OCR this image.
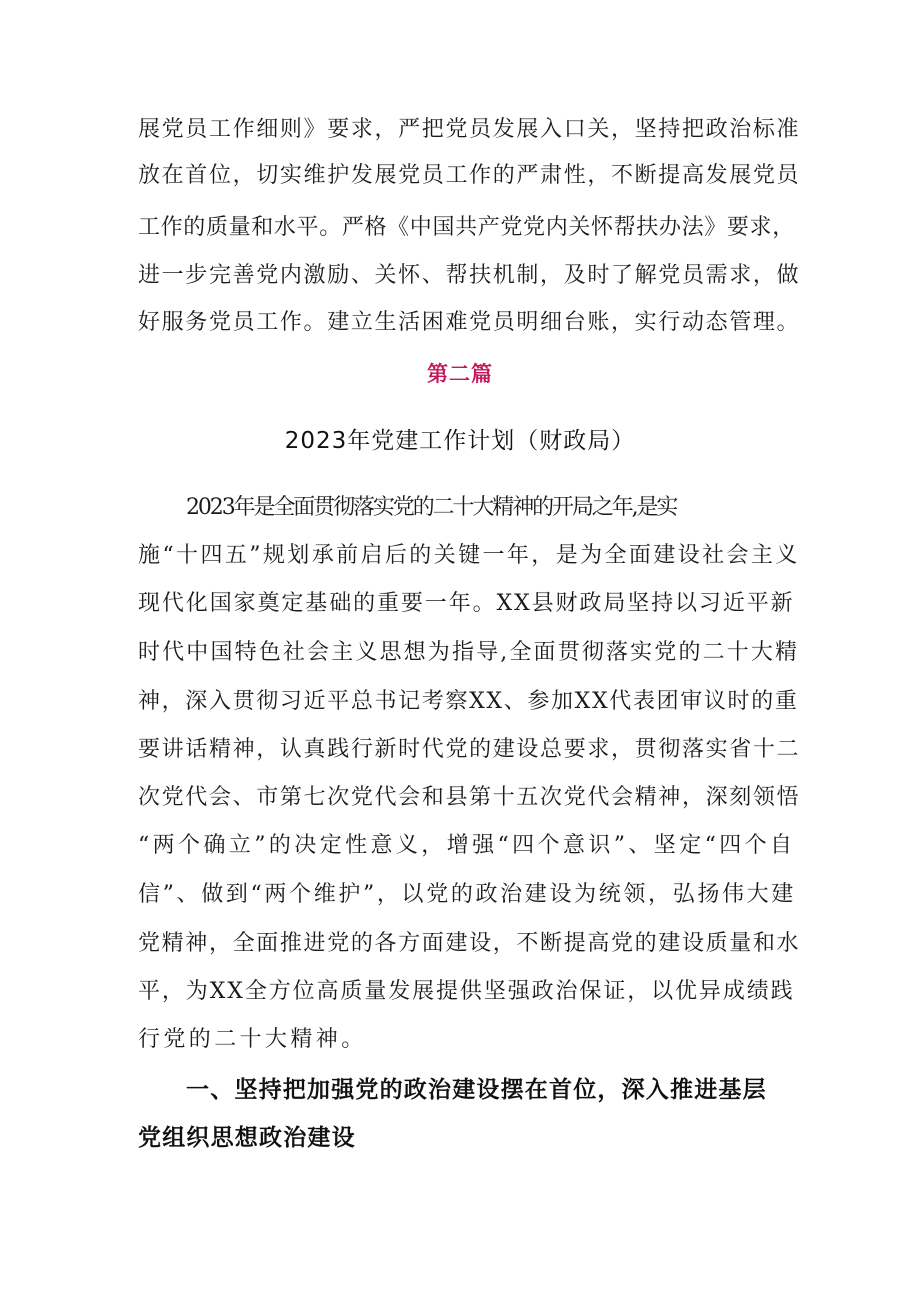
展党员工作细则》要求，严把党员发展入口关，坚持把政治标准
放在首位，切实维护发展党员工作的严肃性，不断提高发展党员
工作的质量和水平。严格《中国共产党党内关怀帮扶办法》要求，
进一步完善党内激励、关怀、帮扶机制，及时了解党员需求，做
好服务党员工作。建立生活困难党员明细台账，实行动态管理。
第二篇
2023年党建工作计划（财政局）
2023年是全面贯彻落实党的二十大精神的开局之年,是实
施“十四五”规划承前启后的关键一年，是为全面建设社会主义
现代化国家奠定基础的重要一年。XX县财政局坚持以习近平新
时代中国特色社会主义思想为指导,全面贯彻落实党的二十大精
神，深入贯彻习近平总书记考察XX、参加XX代表团审议时的重
要讲话精神，认真践行新时代党的建设总要求，贯彻落实省十二
次党代会、市第七次党代会和县第十五次党代会精神，深刻领悟
“两个确立”的决定性意义，增强“四个意识”、坚定“四个自
信”、做到“两个维护”，以党的政治建设为统领，弘扬伟大建
党精神，全面推进党的各方面建设，不断提高党的建设质量和水
平，为XX全方位高质量发展提供坚强政治保证，以优异成绩践
行党的二十大精神。
一、坚持把加强党的政治建设摆在首位，深入推进基层
党组织思想政治建设
